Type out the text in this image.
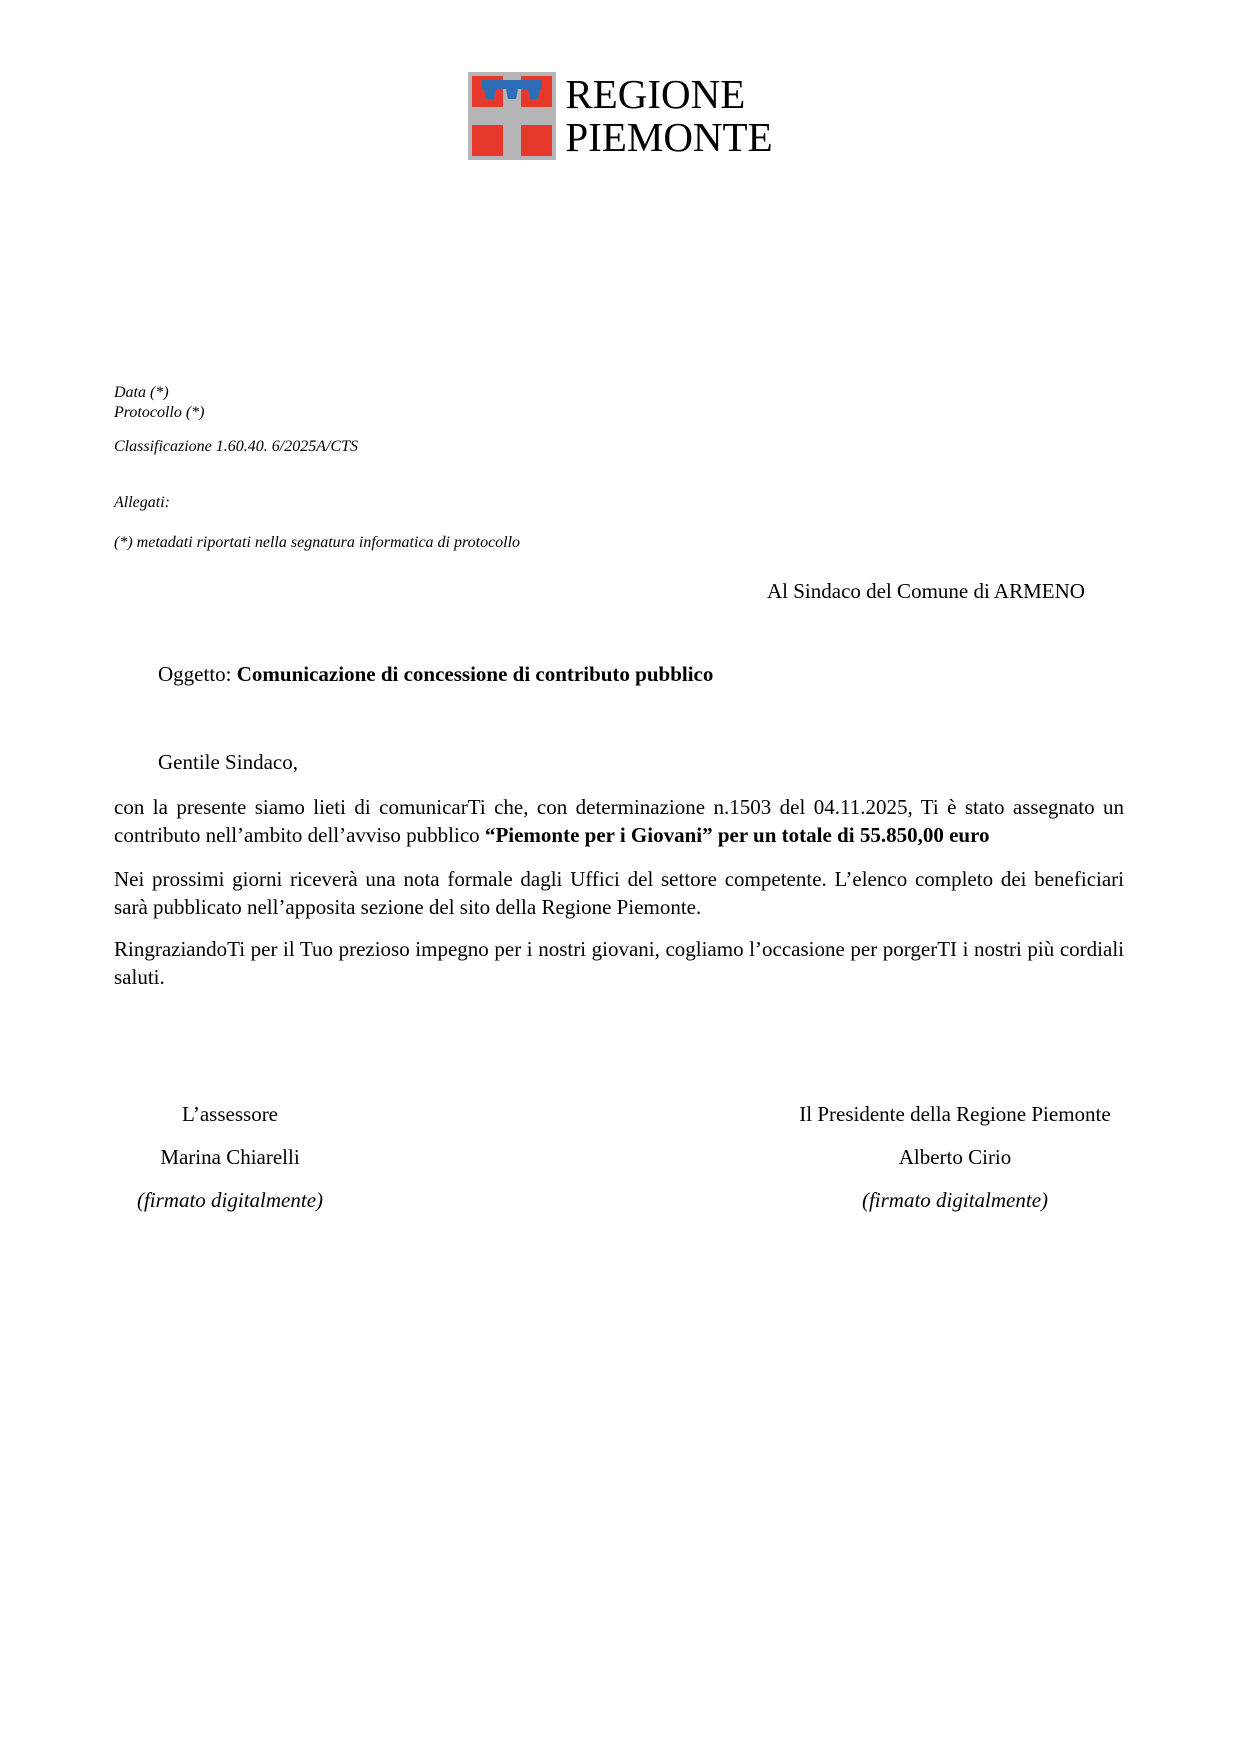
REGIONE
PIEMONTE
Data (*)
Protocollo (*)
Classificazione 1.60.40. 6/2025A/CTS
Allegati:
(*) metadati riportati nella segnatura informatica di protocollo
Al Sindaco del Comune di ARMENO
Oggetto: Comunicazione di concessione di contributo pubblico
Gentile Sindaco,

con la presente siamo lieti di comunicarTi che, con determinazione n.1503 del 04.11.2025, Ti è stato assegnato un contributo nell’ambito dell’avviso pubblico “Piemonte per i Giovani” per un totale di 55.850,00 euro

Nei prossimi giorni riceverà una nota formale dagli Uffici del settore competente. L’elenco completo dei beneficiari sarà pubblicato nell’apposita sezione del sito della Regione Piemonte.

RingraziandoTi per il Tuo prezioso impegno per i nostri giovani, cogliamo l’occasione per porgerTI i nostri più cordiali saluti.

L’assessore
Marina Chiarelli
(firmato digitalmente)
Il Presidente della Regione Piemonte
Alberto Cirio
(firmato digitalmente)
